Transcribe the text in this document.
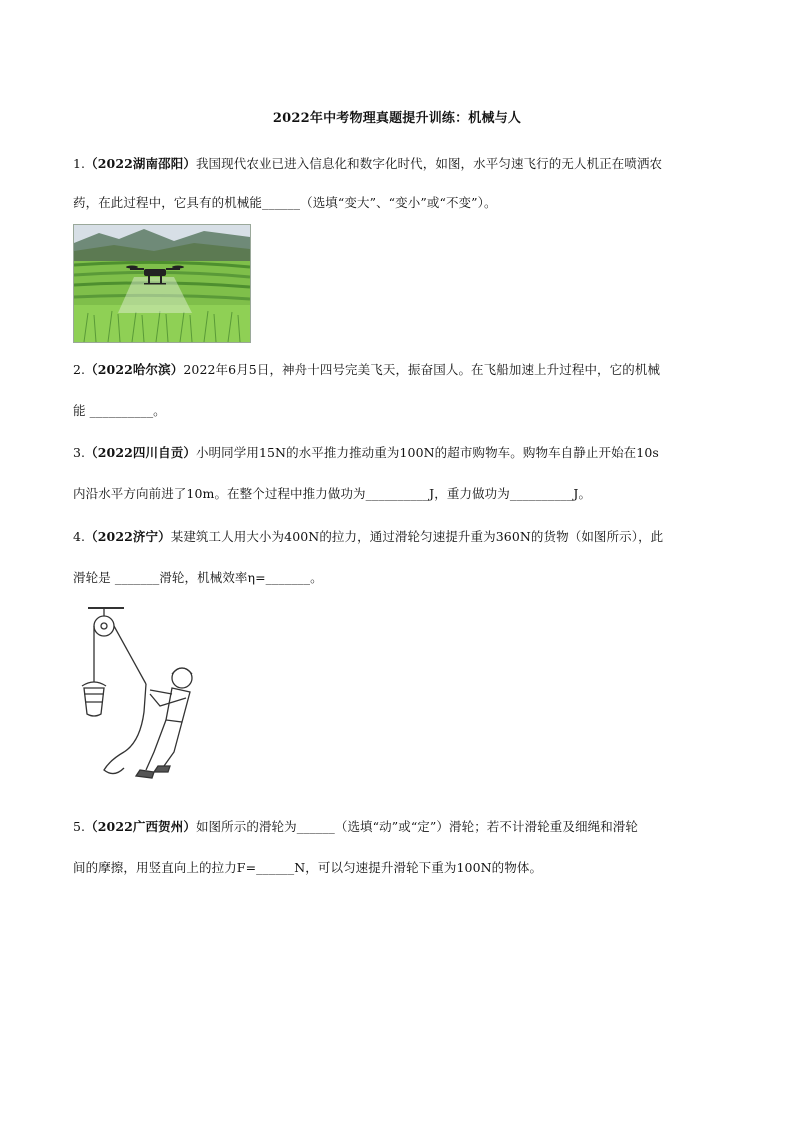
2022年中考物理真题提升训练：机械与人
1.（2022湖南邵阳）我国现代农业已进入信息化和数字化时代，如图，水平匀速飞行的无人机正在喷洒农
药，在此过程中，它具有的机械能______（选填“变大”、“变小”或“不变”）。
2.（2022哈尔滨）2022年6月5日，神舟十四号完美飞天，振奋国人。在飞船加速上升过程中，它的机械
能 __________。
3.（2022四川自贡）小明同学用15N的水平推力推动重为100N的超市购物车。购物车自静止开始在10s
内沿水平方向前进了10m。在整个过程中推力做功为__________J，重力做功为__________J。
4.（2022济宁）某建筑工人用大小为400N的拉力，通过滑轮匀速提升重为360N的货物（如图所示），此
滑轮是 _______滑轮，机械效率η=_______。
5.（2022广西贺州）如图所示的滑轮为______（选填“动”或“定”）滑轮；若不计滑轮重及细绳和滑轮
间的摩擦，用竖直向上的拉力F=______N，可以匀速提升滑轮下重为100N的物体。
